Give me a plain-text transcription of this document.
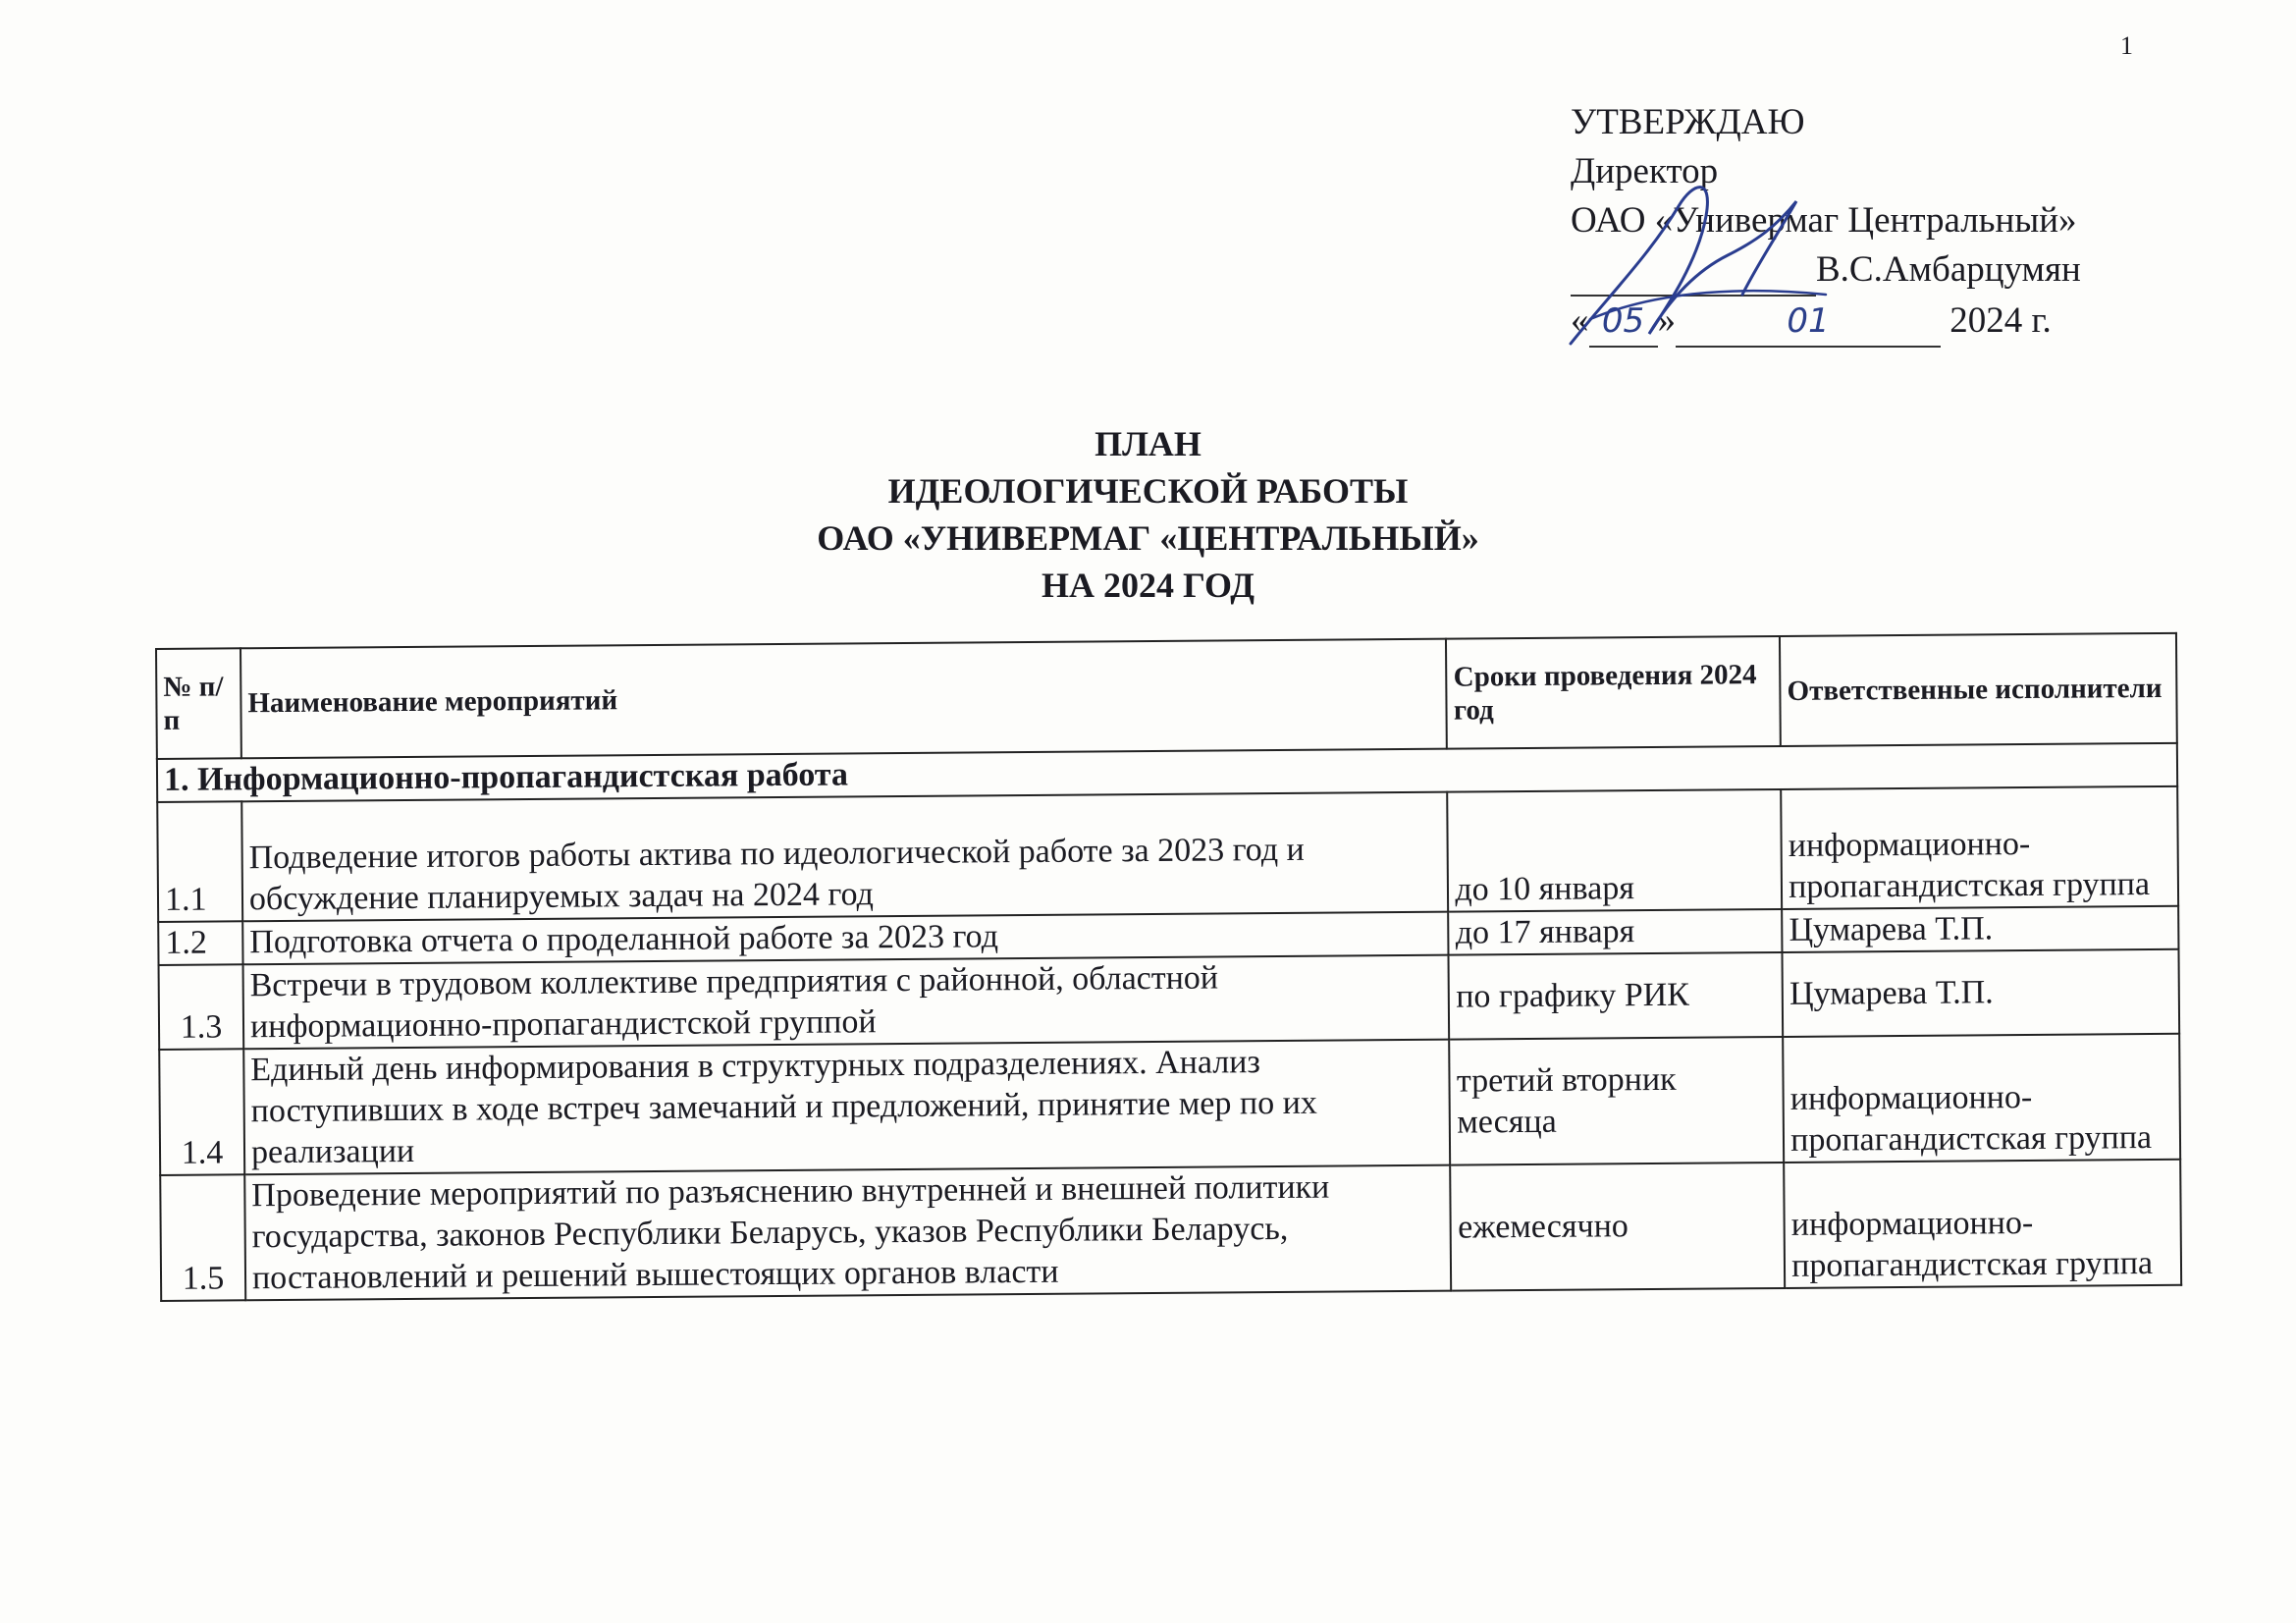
1
УТВЕРЖДАЮ
Директор
ОАО «Универмаг Центральный»
В.С.Амбарцумян
« 05 »	01	2024 г.
ПЛАН
ИДЕОЛОГИЧЕСКОЙ РАБОТЫ
ОАО «УНИВЕРМАГ «ЦЕНТРАЛЬНЫЙ»
НА 2024 ГОД
№ п/п	Наименование мероприятий	Сроки проведения 2024 год	Ответственные исполнители
1. Информационно-пропагандистская работа			
1.1	Подведение итогов работы актива по идеологической работе за 2023 год и обсуждение планируемых задач на 2024 год	до 10 января	информационно-пропагандистская группа
1.2	Подготовка отчета о проделанной работе за 2023 год	до 17 января	Цумарева Т.П.
1.3	Встречи в трудовом коллективе предприятия с районной, областной информационно-пропагандистской группой	по графику РИК	Цумарева Т.П.
1.4	Единый день информирования в структурных подразделениях. Анализ поступивших в ходе встреч замечаний и предложений, принятие мер по их реализации	третий вторник месяца	информационно-пропагандистская группа
1.5	Проведение мероприятий по разъяснению внутренней и внешней политики государства, законов Республики Беларусь, указов Республики Беларусь, постановлений и решений вышестоящих органов власти	ежемесячно	информационно-пропагандистская группа
